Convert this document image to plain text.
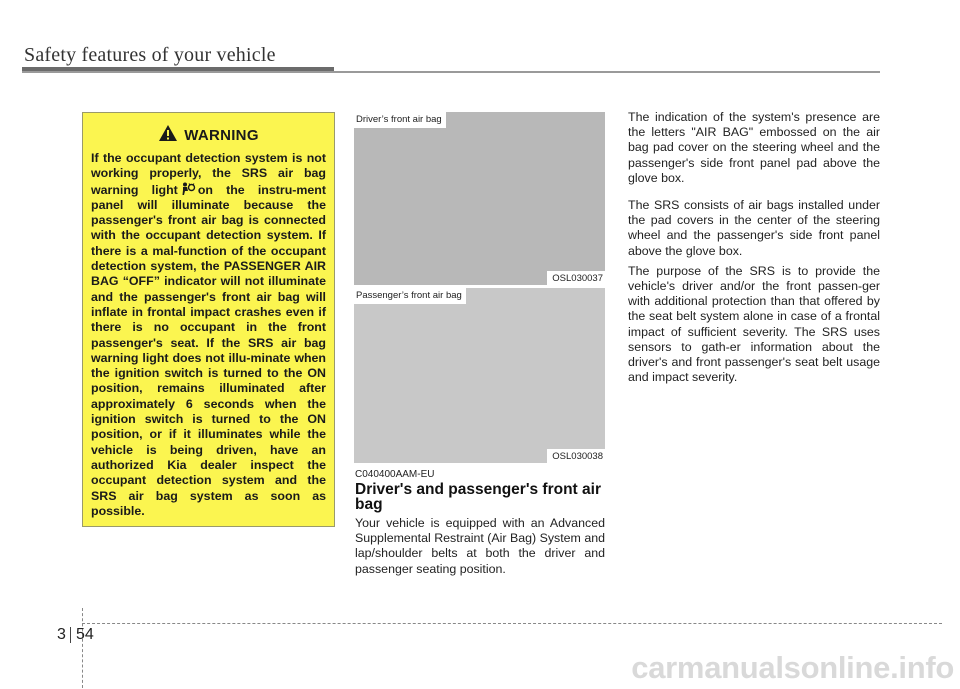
Safety features of your vehicle
WARNING
If the occupant detection system is not working properly, the SRS air bag warning light on the instru-ment panel will illuminate because the passenger's front air bag is connected with the occupant detection system. If there is a mal-function of the occupant detection system, the PASSENGER AIR BAG “OFF” indicator will not illuminate and the passenger's front air bag will inflate in frontal impact crashes even if there is no occupant in the front passenger's seat. If the SRS air bag warning light does not illu-minate when the ignition switch is turned to the ON position, remains illuminated after approximately 6 seconds when the ignition switch is turned to the ON position, or if it illuminates while the vehicle is being driven, have an authorized Kia dealer inspect the occupant detection system and the SRS air bag system as soon as possible.
Driver’s front air bag
OSL030037
Passenger’s front air bag
OSL030038
C040400AAM-EU
Driver's and passenger's front air bag
Your vehicle is equipped with an Advanced Supplemental Restraint (Air Bag) System and lap/shoulder belts at both the driver and passenger seating position.

The indication of the system's presence are the letters "AIR BAG" embossed on the air bag pad cover on the steering wheel and the passenger's side front panel pad above the glove box.

The SRS consists of air bags installed under the pad covers in the center of the steering wheel and the passenger's side front panel above the glove box.

The purpose of the SRS is to provide the vehicle's driver and/or the front passen-ger with additional protection than that offered by the seat belt system alone in case of a frontal impact of sufficient severity. The SRS uses sensors to gath-er information about the driver's and front passenger's seat belt usage and impact severity.

3 54
carmanualsonline.info
